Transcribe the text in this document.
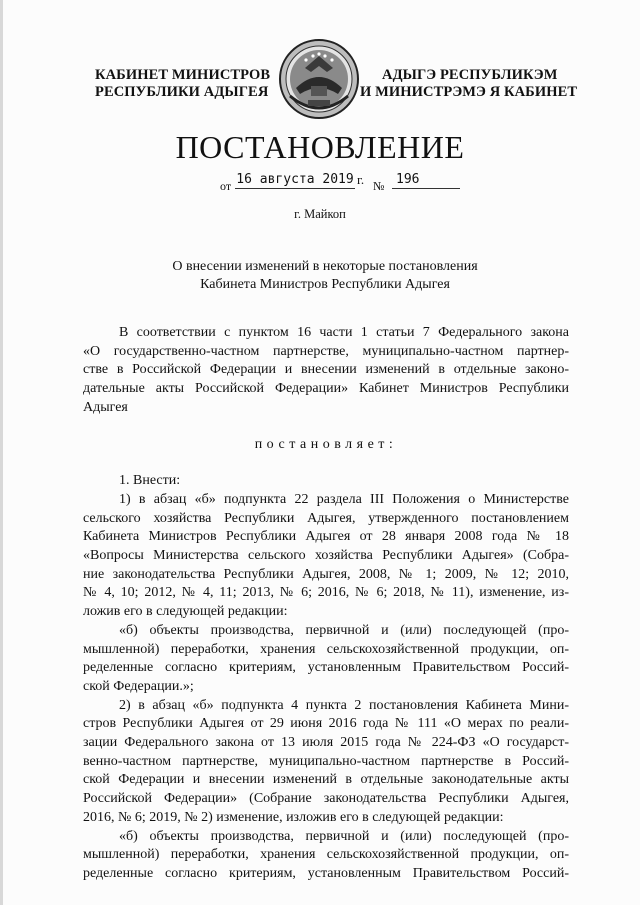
КАБИНЕТ МИНИСТРОВ
РЕСПУБЛИКИ АДЫГЕЯ
АДЫГЭ РЕСПУБЛИКЭМ
И МИНИСТРЭМЭ Я КАБИНЕТ
ПОСТАНОВЛЕНИЕ
от 16 августа 2019 г. № 196
г. Майкоп
О внесении изменений в некоторые постановления
Кабинета Министров Республики Адыгея
В соответствии с пунктом 16 части 1 статьи 7 Федерального закона
«О государственно-частном партнерстве, муниципально-частном партнер-
стве в Российской Федерации и внесении изменений в отдельные законо-
дательные акты Российской Федерации» Кабинет Министров Республики
Адыгея
постановляет:
1. Внести:
1) в абзац «б» подпункта 22 раздела III Положения о Министерстве
сельского хозяйства Республики Адыгея, утвержденного постановлением
Кабинета Министров Республики Адыгея от 28 января 2008 года № 18
«Вопросы Министерства сельского хозяйства Республики Адыгея» (Собра-
ние законодательства Республики Адыгея, 2008, № 1; 2009, № 12; 2010,
№ 4, 10; 2012, № 4, 11; 2013, № 6; 2016, № 6; 2018, № 11), изменение, из-
ложив его в следующей редакции:
«б) объекты производства, первичной и (или) последующей (про-
мышленной) переработки, хранения сельскохозяйственной продукции, оп-
ределенные согласно критериям, установленным Правительством Россий-
ской Федерации.»;
2) в абзац «б» подпункта 4 пункта 2 постановления Кабинета Мини-
стров Республики Адыгея от 29 июня 2016 года № 111 «О мерах по реали-
зации Федерального закона от 13 июля 2015 года № 224-ФЗ «О государст-
венно-частном партнерстве, муниципально-частном партнерстве в Россий-
ской Федерации и внесении изменений в отдельные законодательные акты
Российской Федерации» (Собрание законодательства Республики Адыгея,
2016, № 6; 2019, № 2) изменение, изложив его в следующей редакции:
«б) объекты производства, первичной и (или) последующей (про-
мышленной) переработки, хранения сельскохозяйственной продукции, оп-
ределенные согласно критериям, установленным Правительством Россий-
